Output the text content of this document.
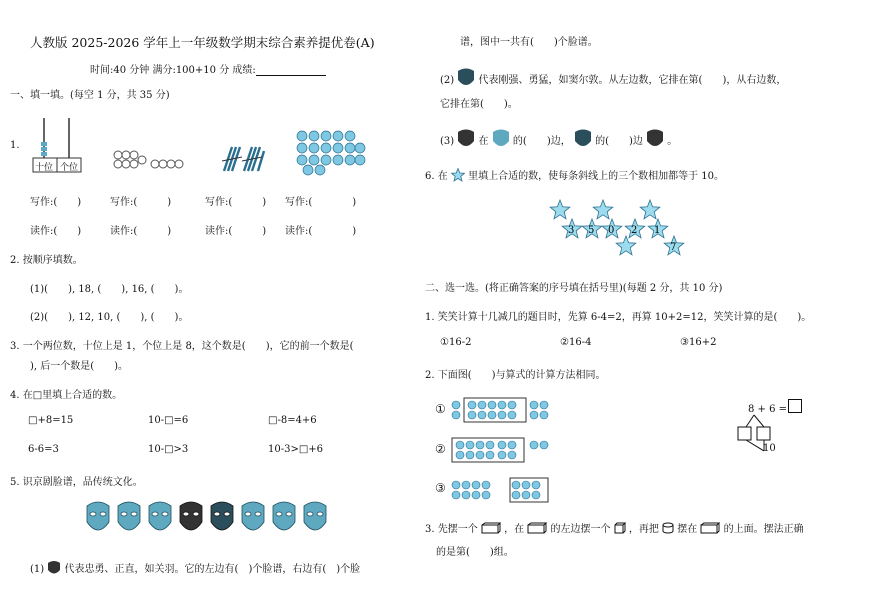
人教版 2025-2026 学年上一年级数学期末综合素养提优卷(A)
时间:40 分钟 满分:100+10 分 成绩:
一、填一填。(每空 1 分，共 35 分)
1.
十位 个位
写作:(　　)	写作:(　　　)	写作:(　　　) 写作:(　　　　)
读作:(　　)	读作:(　　　)	读作:(　　　) 读作:(　　　　)
2. 按顺序填数。
(1)(　　), 18, (　　), 16, (　　)。
(2)(　　), 12, 10, (　　), (　　)。
3. 一个两位数，十位上是 1，个位上是 8，这个数是(　　)，它的前一个数是(
), 后一个数是(　　)。
4. 在□里填上合适的数。
□+8=15	10-□=6	□-8=4+6
6-6=3	10-□>3	10-3>□+6
5. 识京剧脸谱，品传统文化。
(1) 代表忠勇、正直，如关羽。它的左边有(　)个脸谱，右边有(　)个脸
谱，图中一共有(　　)个脸谱。
(2) 代表刚强、勇猛，如窦尔敦。从左边数，它排在第(　　)，从右边数，
它排在第(　　)。
(3) 在 的(　　)边， 的(　　)边 。
6. 在 里填上合适的数，使每条斜线上的三个数相加都等于 10。
3 5 0 2 1
7
二、选一选。(将正确答案的序号填在括号里)(每题 2 分，共 10 分)
1. 笑笑计算十几减几的题目时，先算 6-4=2，再算 10+2=12，笑笑计算的是(　　)。
①16-2	②16-4	③16+2
2. 下面图(　　)与算式的计算方法相同。
①
②
③
8 + 6 =
10
3. 先摆一个	，在	的左边摆一个 ，再把 摆在	的上面。摆法正确
的是第(　　)组。
